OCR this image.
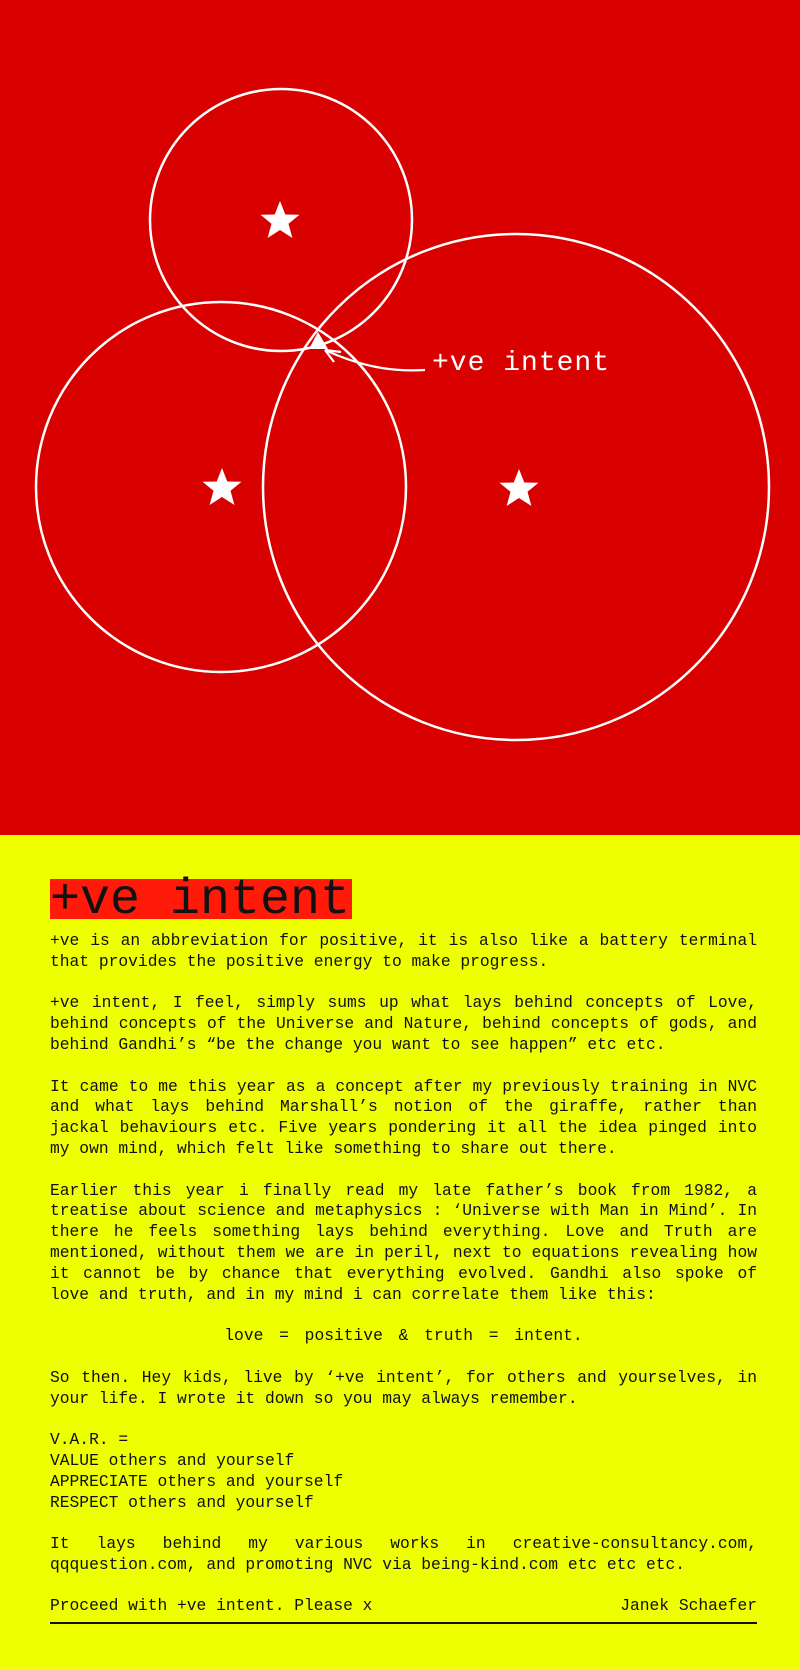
+ve intent
+ve intent

+ve is an abbreviation for positive, it is also like a battery terminal that provides the positive energy to make progress.

+ve intent, I feel, simply sums up what lays behind concepts of Love, behind concepts of the Universe and Nature, behind concepts of gods, and behind Gandhi’s “be the change you want to see happen” etc etc.

It came to me this year as a concept after my previously training in NVC and what lays behind Marshall’s notion of the giraffe, rather than jackal behaviours etc. Five years pondering it all the idea pinged into my own mind, which felt like something to share out there.

Earlier this year i finally read my late father’s book from 1982, a treatise about science and metaphysics : ‘Universe with Man in Mind’. In there he feels something lays behind everything. Love and Truth are mentioned, without them we are in peril, next to equations revealing how it cannot be by chance that everything evolved. Gandhi also spoke of love and truth, and in my mind i can correlate them like this:

love = positive & truth = intent.

So then. Hey kids, live by ‘+ve intent’, for others and yourselves, in your life. I wrote it down so you may always remember.

V.A.R. =
VALUE others and yourself
APPRECIATE others and yourself
RESPECT others and yourself

It lays behind my various works in creative-consultancy.com, qqquestion.com, and promoting NVC via being-kind.com etc etc etc.

Proceed with +ve intent. Please x	Janek Schaefer
